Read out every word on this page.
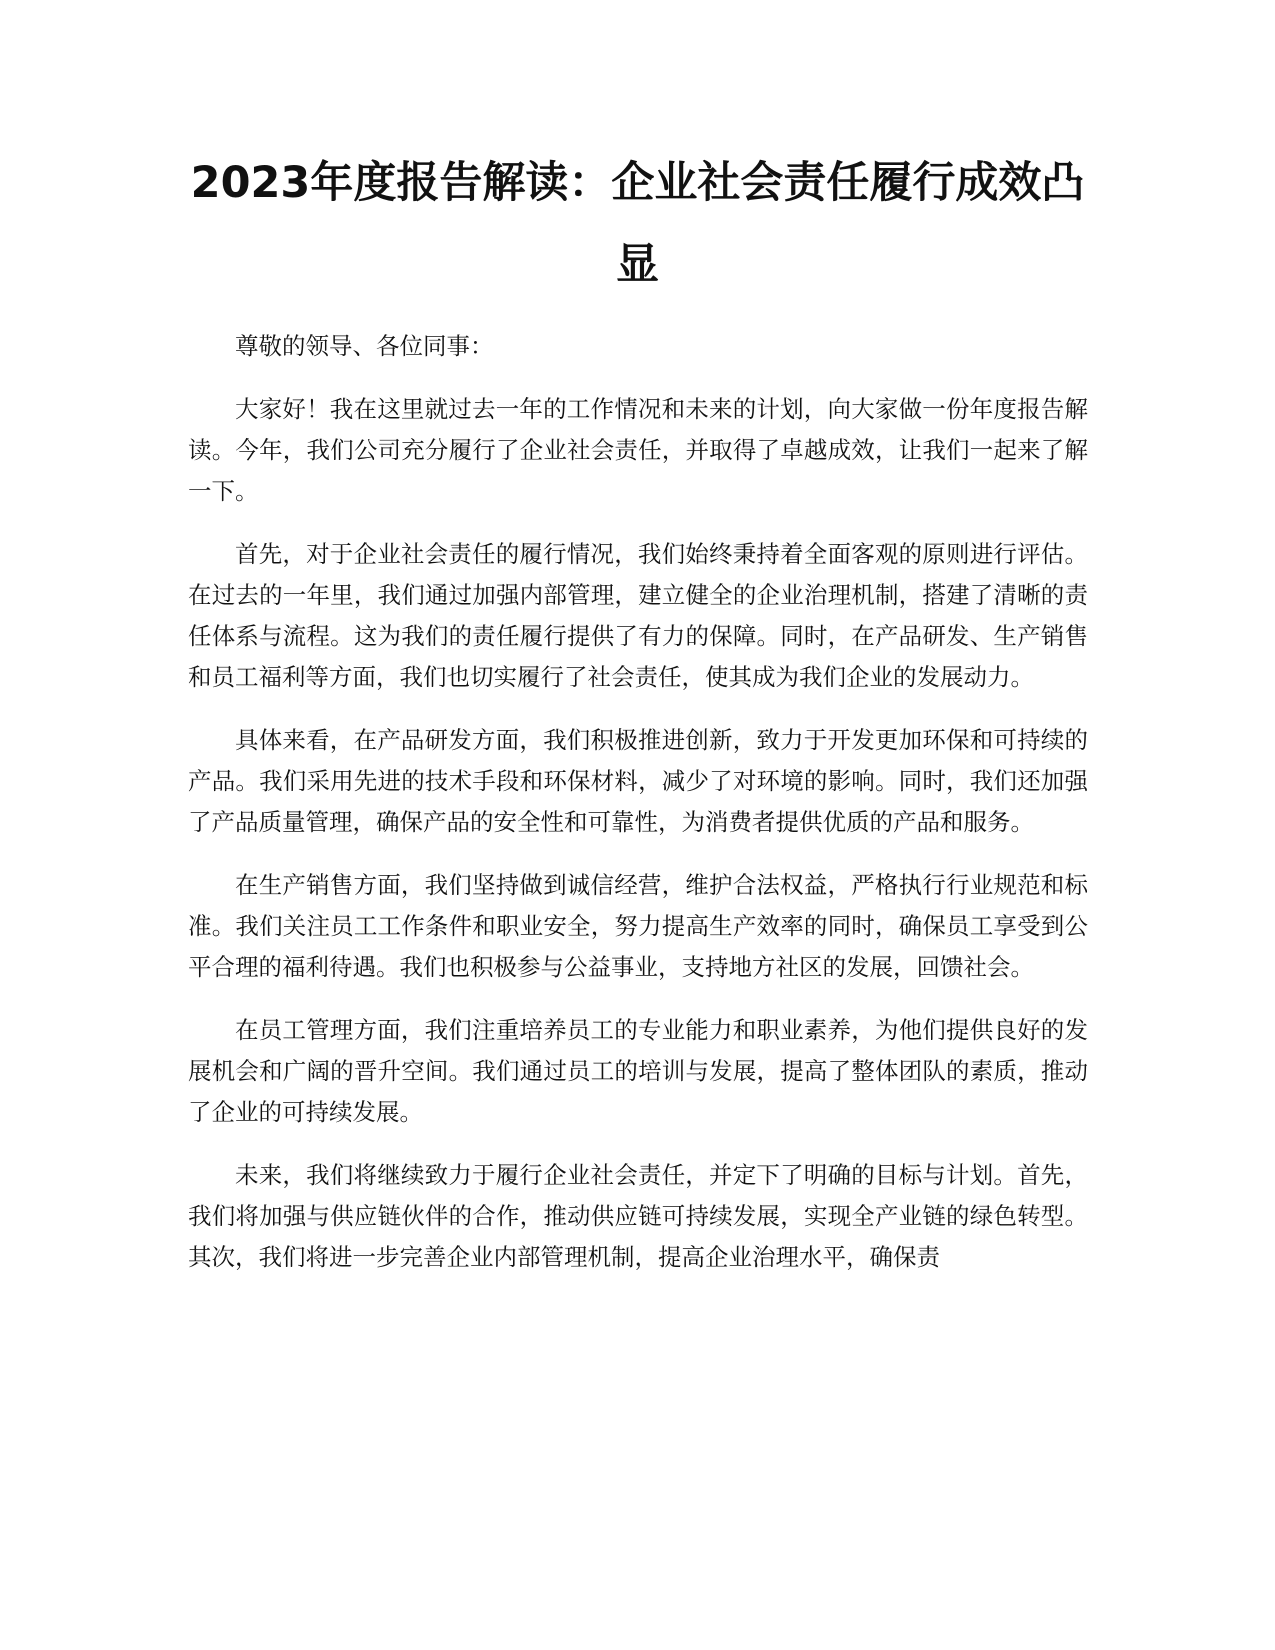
2023年度报告解读：企业社会责任履行成效凸显

尊敬的领导、各位同事：

大家好！我在这里就过去一年的工作情况和未来的计划，向大家做一份年度报告解读。今年，我们公司充分履行了企业社会责任，并取得了卓越成效，让我们一起来了解一下。

首先，对于企业社会责任的履行情况，我们始终秉持着全面客观的原则进行评估。在过去的一年里，我们通过加强内部管理，建立健全的企业治理机制，搭建了清晰的责任体系与流程。这为我们的责任履行提供了有力的保障。同时，在产品研发、生产销售和员工福利等方面，我们也切实履行了社会责任，使其成为我们企业的发展动力。

具体来看，在产品研发方面，我们积极推进创新，致力于开发更加环保和可持续的产品。我们采用先进的技术手段和环保材料，减少了对环境的影响。同时，我们还加强了产品质量管理，确保产品的安全性和可靠性，为消费者提供优质的产品和服务。

在生产销售方面，我们坚持做到诚信经营，维护合法权益，严格执行行业规范和标准。我们关注员工工作条件和职业安全，努力提高生产效率的同时，确保员工享受到公平合理的福利待遇。我们也积极参与公益事业，支持地方社区的发展，回馈社会。

在员工管理方面，我们注重培养员工的专业能力和职业素养，为他们提供良好的发展机会和广阔的晋升空间。我们通过员工的培训与发展，提高了整体团队的素质，推动了企业的可持续发展。

未来，我们将继续致力于履行企业社会责任，并定下了明确的目标与计划。首先，我们将加强与供应链伙伴的合作，推动供应链可持续发展，实现全产业链的绿色转型。其次，我们将进一步完善企业内部管理机制，提高企业治理水平，确保责
